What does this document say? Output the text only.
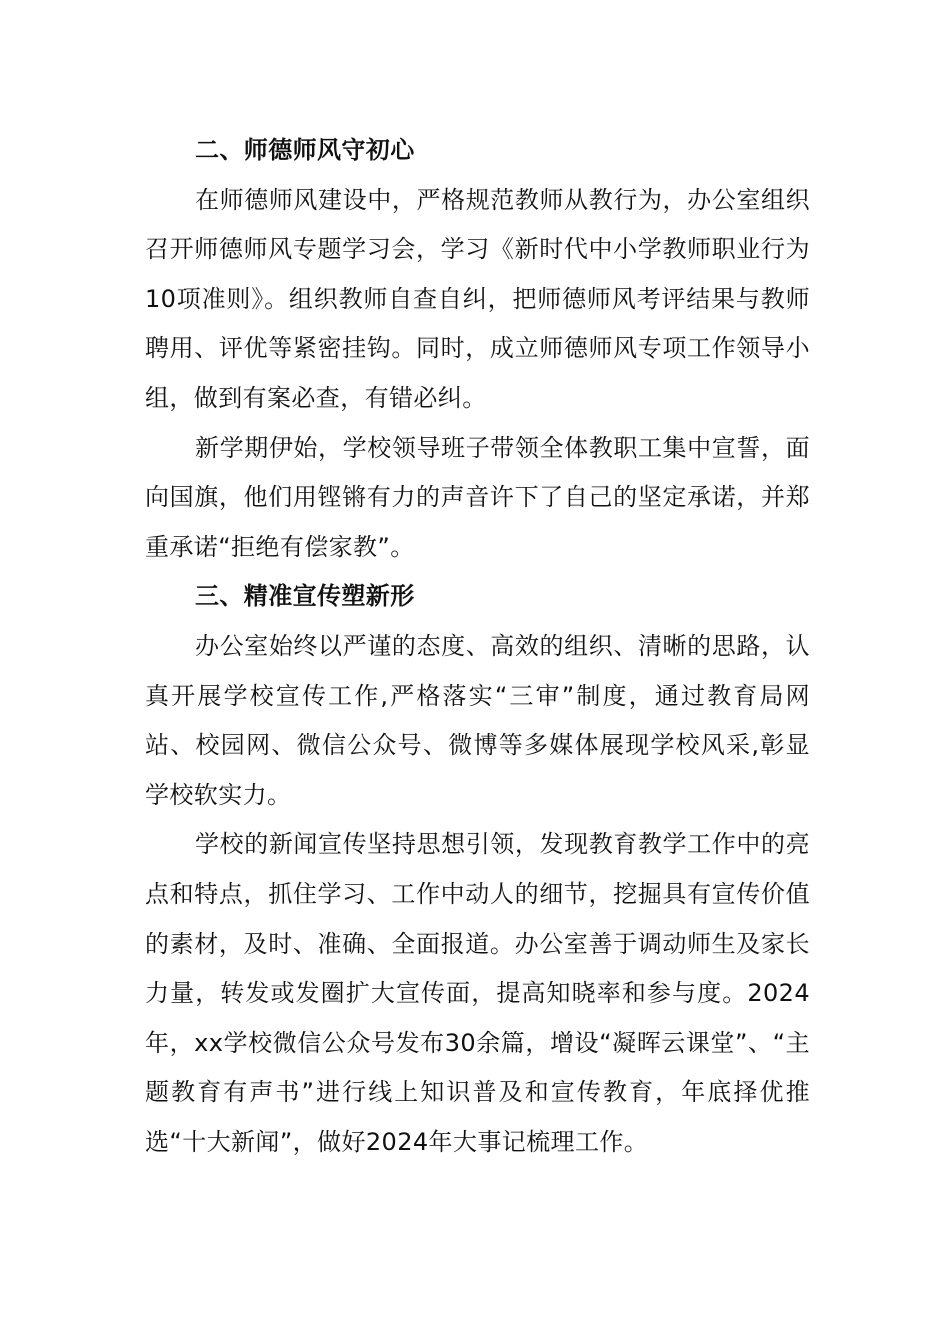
二、师德师风守初心

在师德师风建设中，严格规范教师从教行为，办公室组织召开师德师风专题学习会，学习《新时代中小学教师职业行为10项准则》。组织教师自查自纠，把师德师风考评结果与教师聘用、评优等紧密挂钩。同时，成立师德师风专项工作领导小组，做到有案必查，有错必纠。

新学期伊始，学校领导班子带领全体教职工集中宣誓，面向国旗，他们用铿锵有力的声音许下了自己的坚定承诺，并郑重承诺“拒绝有偿家教”。

三、精准宣传塑新形

办公室始终以严谨的态度、高效的组织、清晰的思路，认真开展学校宣传工作,严格落实“三审”制度，通过教育局网站、校园网、微信公众号、微博等多媒体展现学校风采,彰显学校软实力。

学校的新闻宣传坚持思想引领，发现教育教学工作中的亮点和特点，抓住学习、工作中动人的细节，挖掘具有宣传价值的素材，及时、准确、全面报道。办公室善于调动师生及家长力量，转发或发圈扩大宣传面，提高知晓率和参与度。2024年，xx学校微信公众号发布30余篇，增设“凝晖云课堂”、“主题教育有声书”进行线上知识普及和宣传教育，年底择优推选“十大新闻”，做好2024年大事记梳理工作。
